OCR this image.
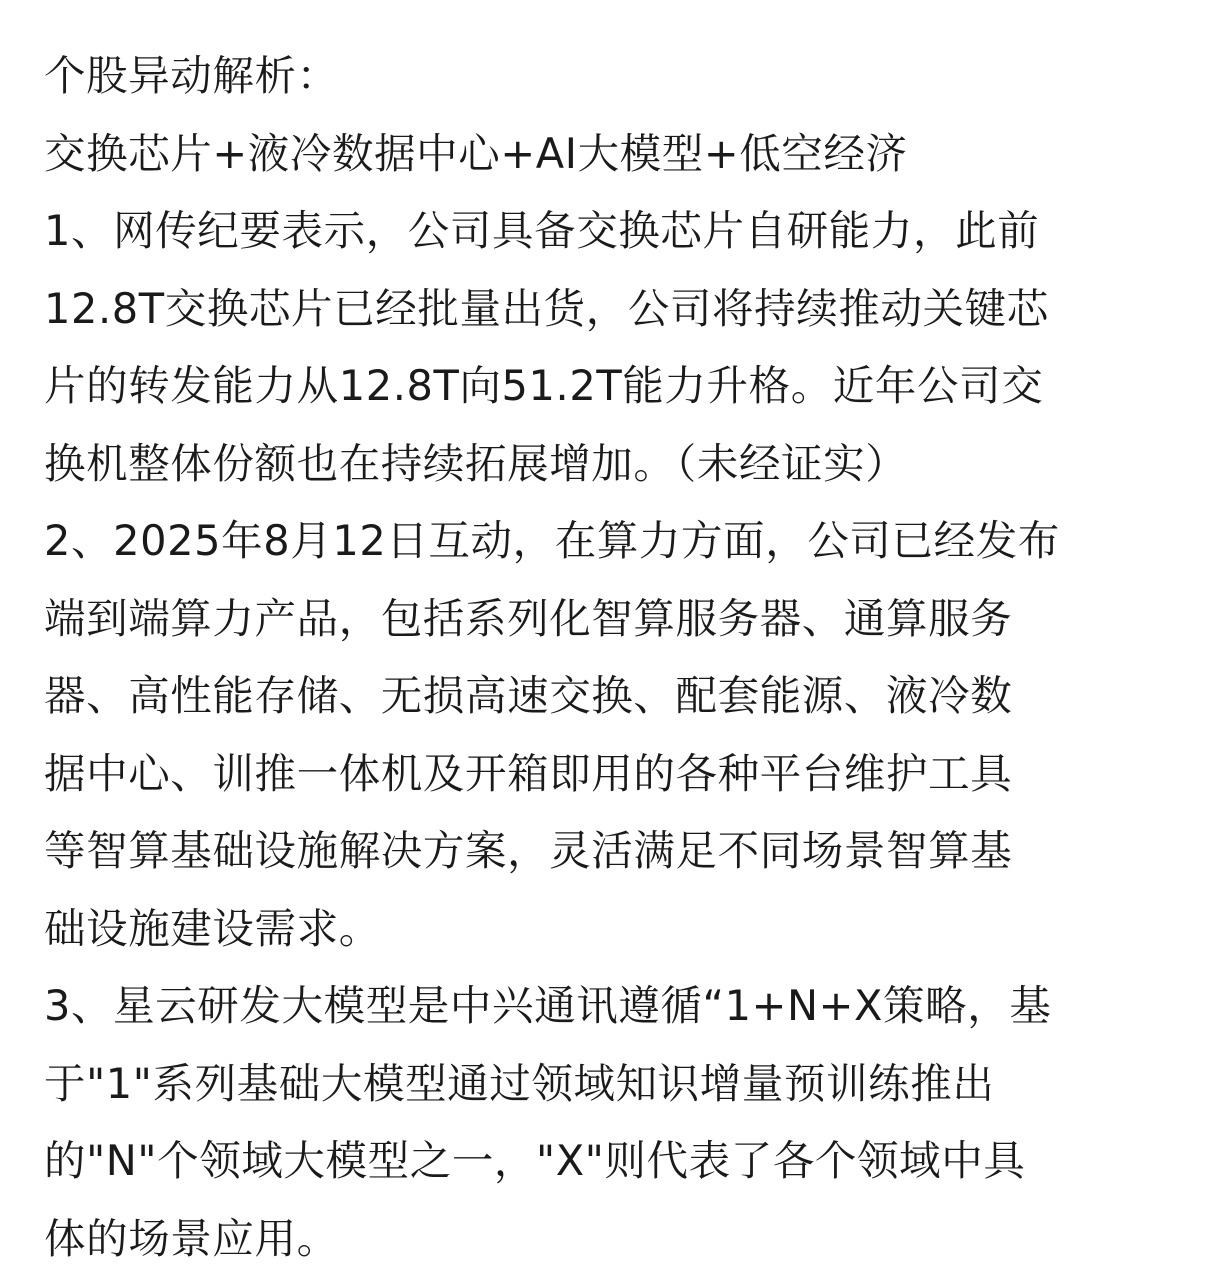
个股异动解析：
交换芯片+液冷数据中心+AI大模型+低空经济
1、网传纪要表示，公司具备交换芯片自研能力，此前
12.8T交换芯片已经批量出货，公司将持续推动关键芯
片的转发能力从12.8T向51.2T能力升格。近年公司交
换机整体份额也在持续拓展增加。（未经证实）
2、2025年8月12日互动，在算力方面，公司已经发布
端到端算力产品，包括系列化智算服务器、通算服务
器、高性能存储、无损高速交换、配套能源、液冷数
据中心、训推一体机及开箱即用的各种平台维护工具
等智算基础设施解决方案，灵活满足不同场景智算基
础设施建设需求。
3、星云研发大模型是中兴通讯遵循“1+N+X策略，基
于"1"系列基础大模型通过领域知识增量预训练推出
的"N"个领域大模型之一，"X"则代表了各个领域中具
体的场景应用。
